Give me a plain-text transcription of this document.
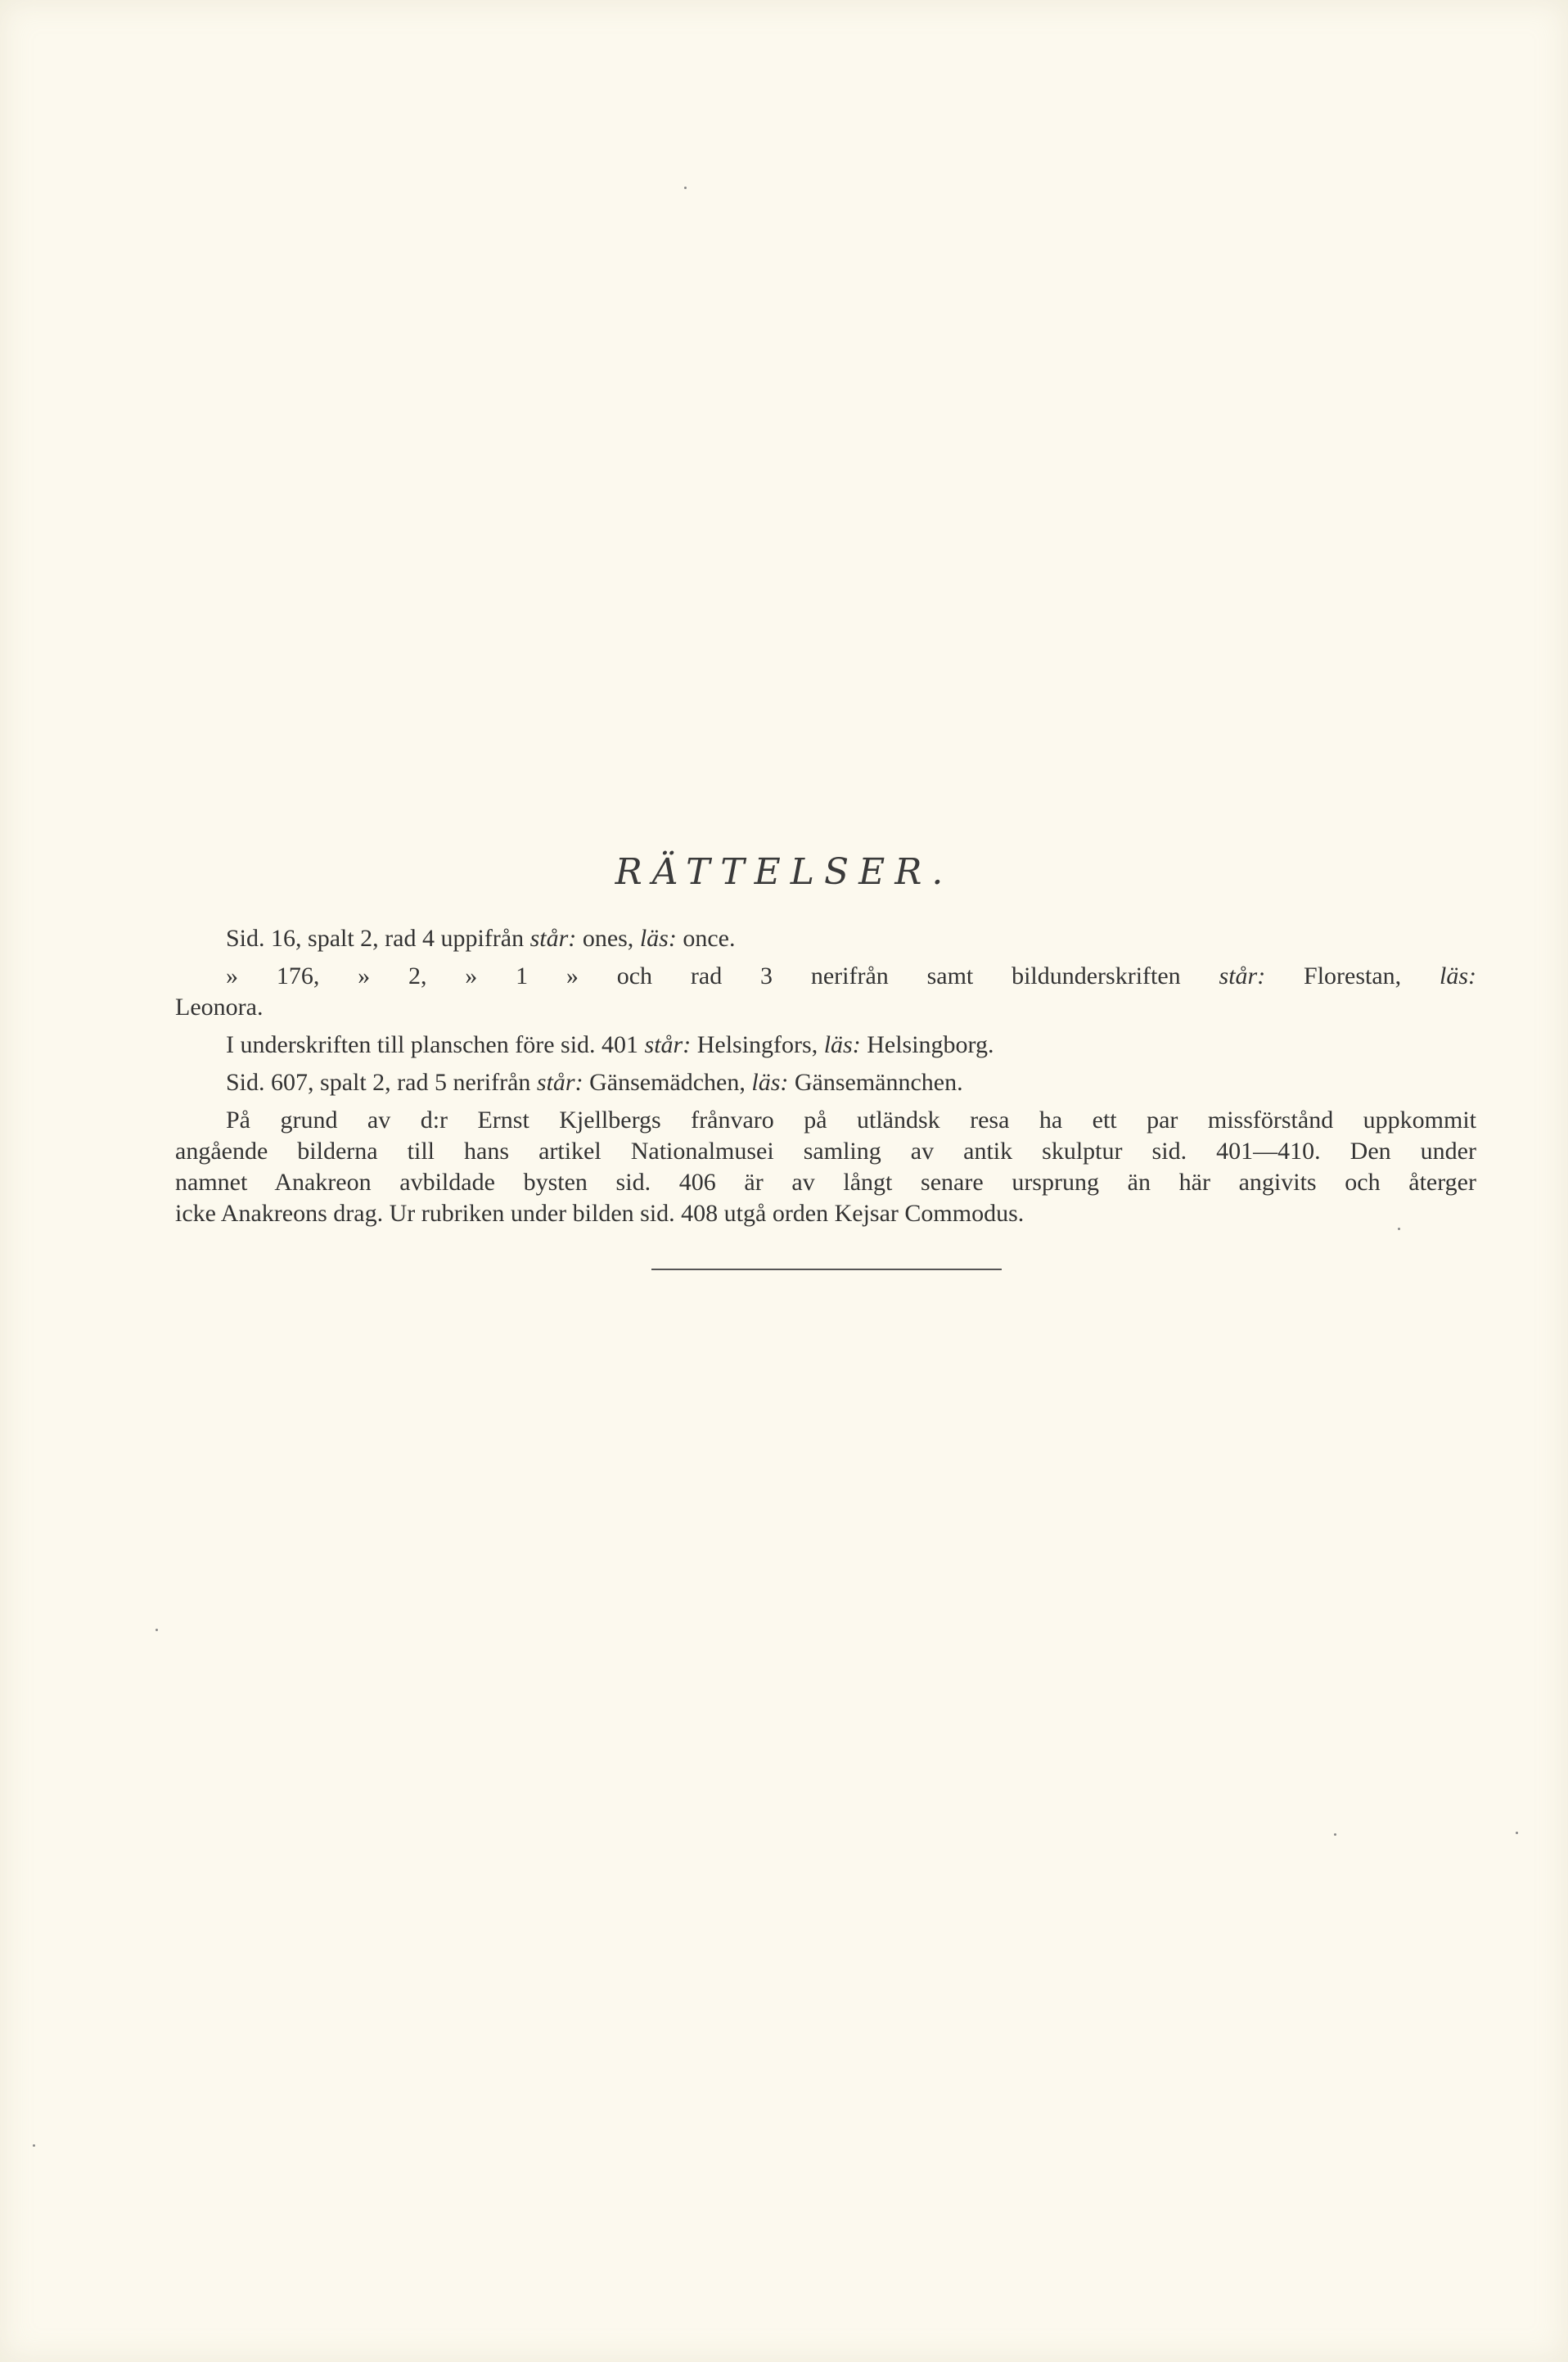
RÄTTELSER.

Sid. 16, spalt 2, rad 4 uppifrån står: ones, läs: once.

» 176, » 2, » 1 » och rad 3 nerifrån samt bildunderskriften står: Florestan, läs:

Leonora.

I underskriften till planschen före sid. 401 står: Helsingfors, läs: Helsingborg.

Sid. 607, spalt 2, rad 5 nerifrån står: Gänsemädchen, läs: Gänsemännchen.

På grund av d:r Ernst Kjellbergs frånvaro på utländsk resa ha ett par missförstånd uppkommit

angående bilderna till hans artikel Nationalmusei samling av antik skulptur sid. 401—410. Den under

namnet Anakreon avbildade bysten sid. 406 är av långt senare ursprung än här angivits och återger

icke Anakreons drag. Ur rubriken under bilden sid. 408 utgå orden Kejsar Commodus.
